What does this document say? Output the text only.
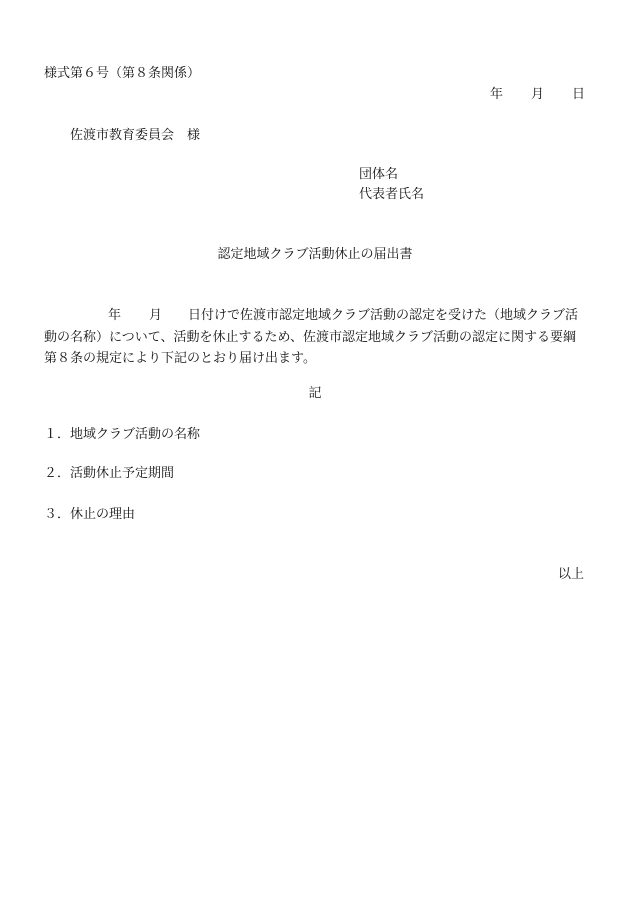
様式第６号（第８条関係）
年 月 日
佐渡市教育委員会　様
団体名
代表者氏名
認定地域クラブ活動休止の届出書
年 月 日付けで佐渡市認定地域クラブ活動の認定を受けた（地域クラブ活動の名称）について、活動を休止するため、佐渡市認定地域クラブ活動の認定に関する要綱第８条の規定により下記のとおり届け出ます。
記
１．地域クラブ活動の名称
２．活動休止予定期間
３．休止の理由
以上
